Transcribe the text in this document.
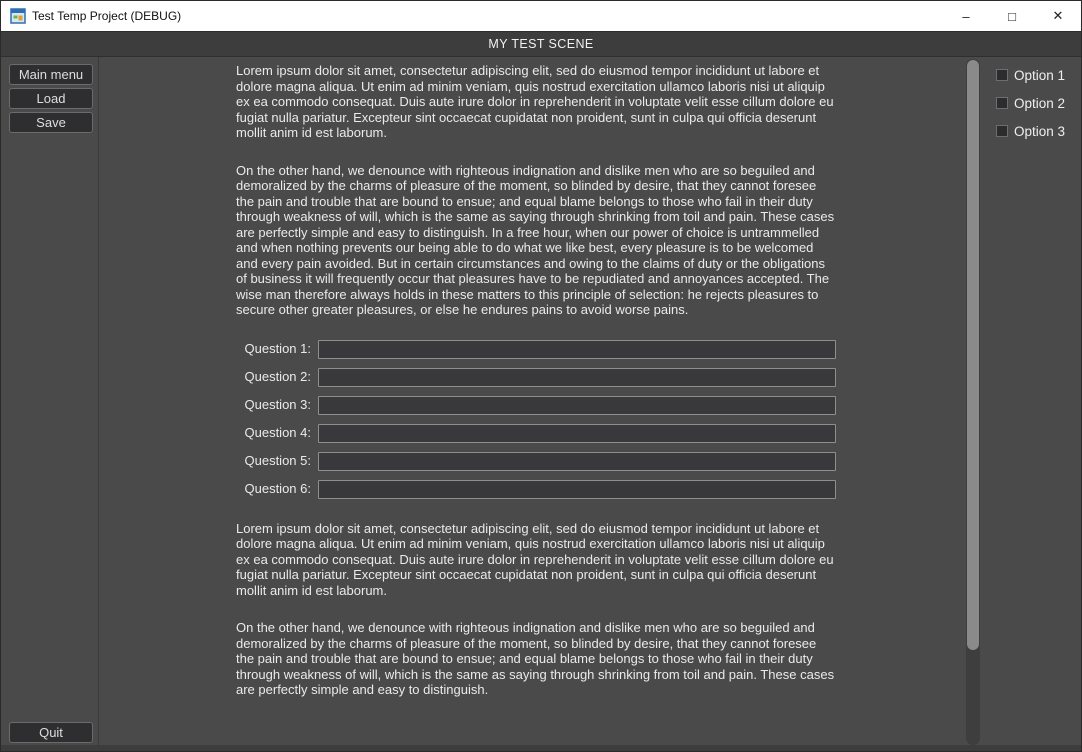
Test Temp Project (DEBUG)	–	□	✕
MY TEST SCENE
Main menu
Load
Save
Quit

Lorem ipsum dolor sit amet, consectetur adipiscing elit, sed do eiusmod tempor incididunt ut labore et dolore magna aliqua. Ut enim ad minim veniam, quis nostrud exercitation ullamco laboris nisi ut aliquip ex ea commodo consequat. Duis aute irure dolor in reprehenderit in voluptate velit esse cillum dolore eu fugiat nulla pariatur. Excepteur sint occaecat cupidatat non proident, sunt in culpa qui officia deserunt mollit anim id est laborum.

On the other hand, we denounce with righteous indignation and dislike men who are so beguiled and demoralized by the charms of pleasure of the moment, so blinded by desire, that they cannot foresee the pain and trouble that are bound to ensue; and equal blame belongs to those who fail in their duty through weakness of will, which is the same as saying through shrinking from toil and pain. These cases are perfectly simple and easy to distinguish. In a free hour, when our power of choice is untrammelled and when nothing prevents our being able to do what we like best, every pleasure is to be welcomed and every pain avoided. But in certain circumstances and owing to the claims of duty or the obligations of business it will frequently occur that pleasures have to be repudiated and annoyances accepted. The wise man therefore always holds in these matters to this principle of selection: he rejects pleasures to secure other greater pleasures, or else he endures pains to avoid worse pains.

Question 1:
Question 2:
Question 3:
Question 4:
Question 5:
Question 6:

Lorem ipsum dolor sit amet, consectetur adipiscing elit, sed do eiusmod tempor incididunt ut labore et dolore magna aliqua. Ut enim ad minim veniam, quis nostrud exercitation ullamco laboris nisi ut aliquip ex ea commodo consequat. Duis aute irure dolor in reprehenderit in voluptate velit esse cillum dolore eu fugiat nulla pariatur. Excepteur sint occaecat cupidatat non proident, sunt in culpa qui officia deserunt mollit anim id est laborum.

On the other hand, we denounce with righteous indignation and dislike men who are so beguiled and demoralized by the charms of pleasure of the moment, so blinded by desire, that they cannot foresee the pain and trouble that are bound to ensue; and equal blame belongs to those who fail in their duty through weakness of will, which is the same as saying through shrinking from toil and pain. These cases are perfectly simple and easy to distinguish.

Option 1
Option 2
Option 3
